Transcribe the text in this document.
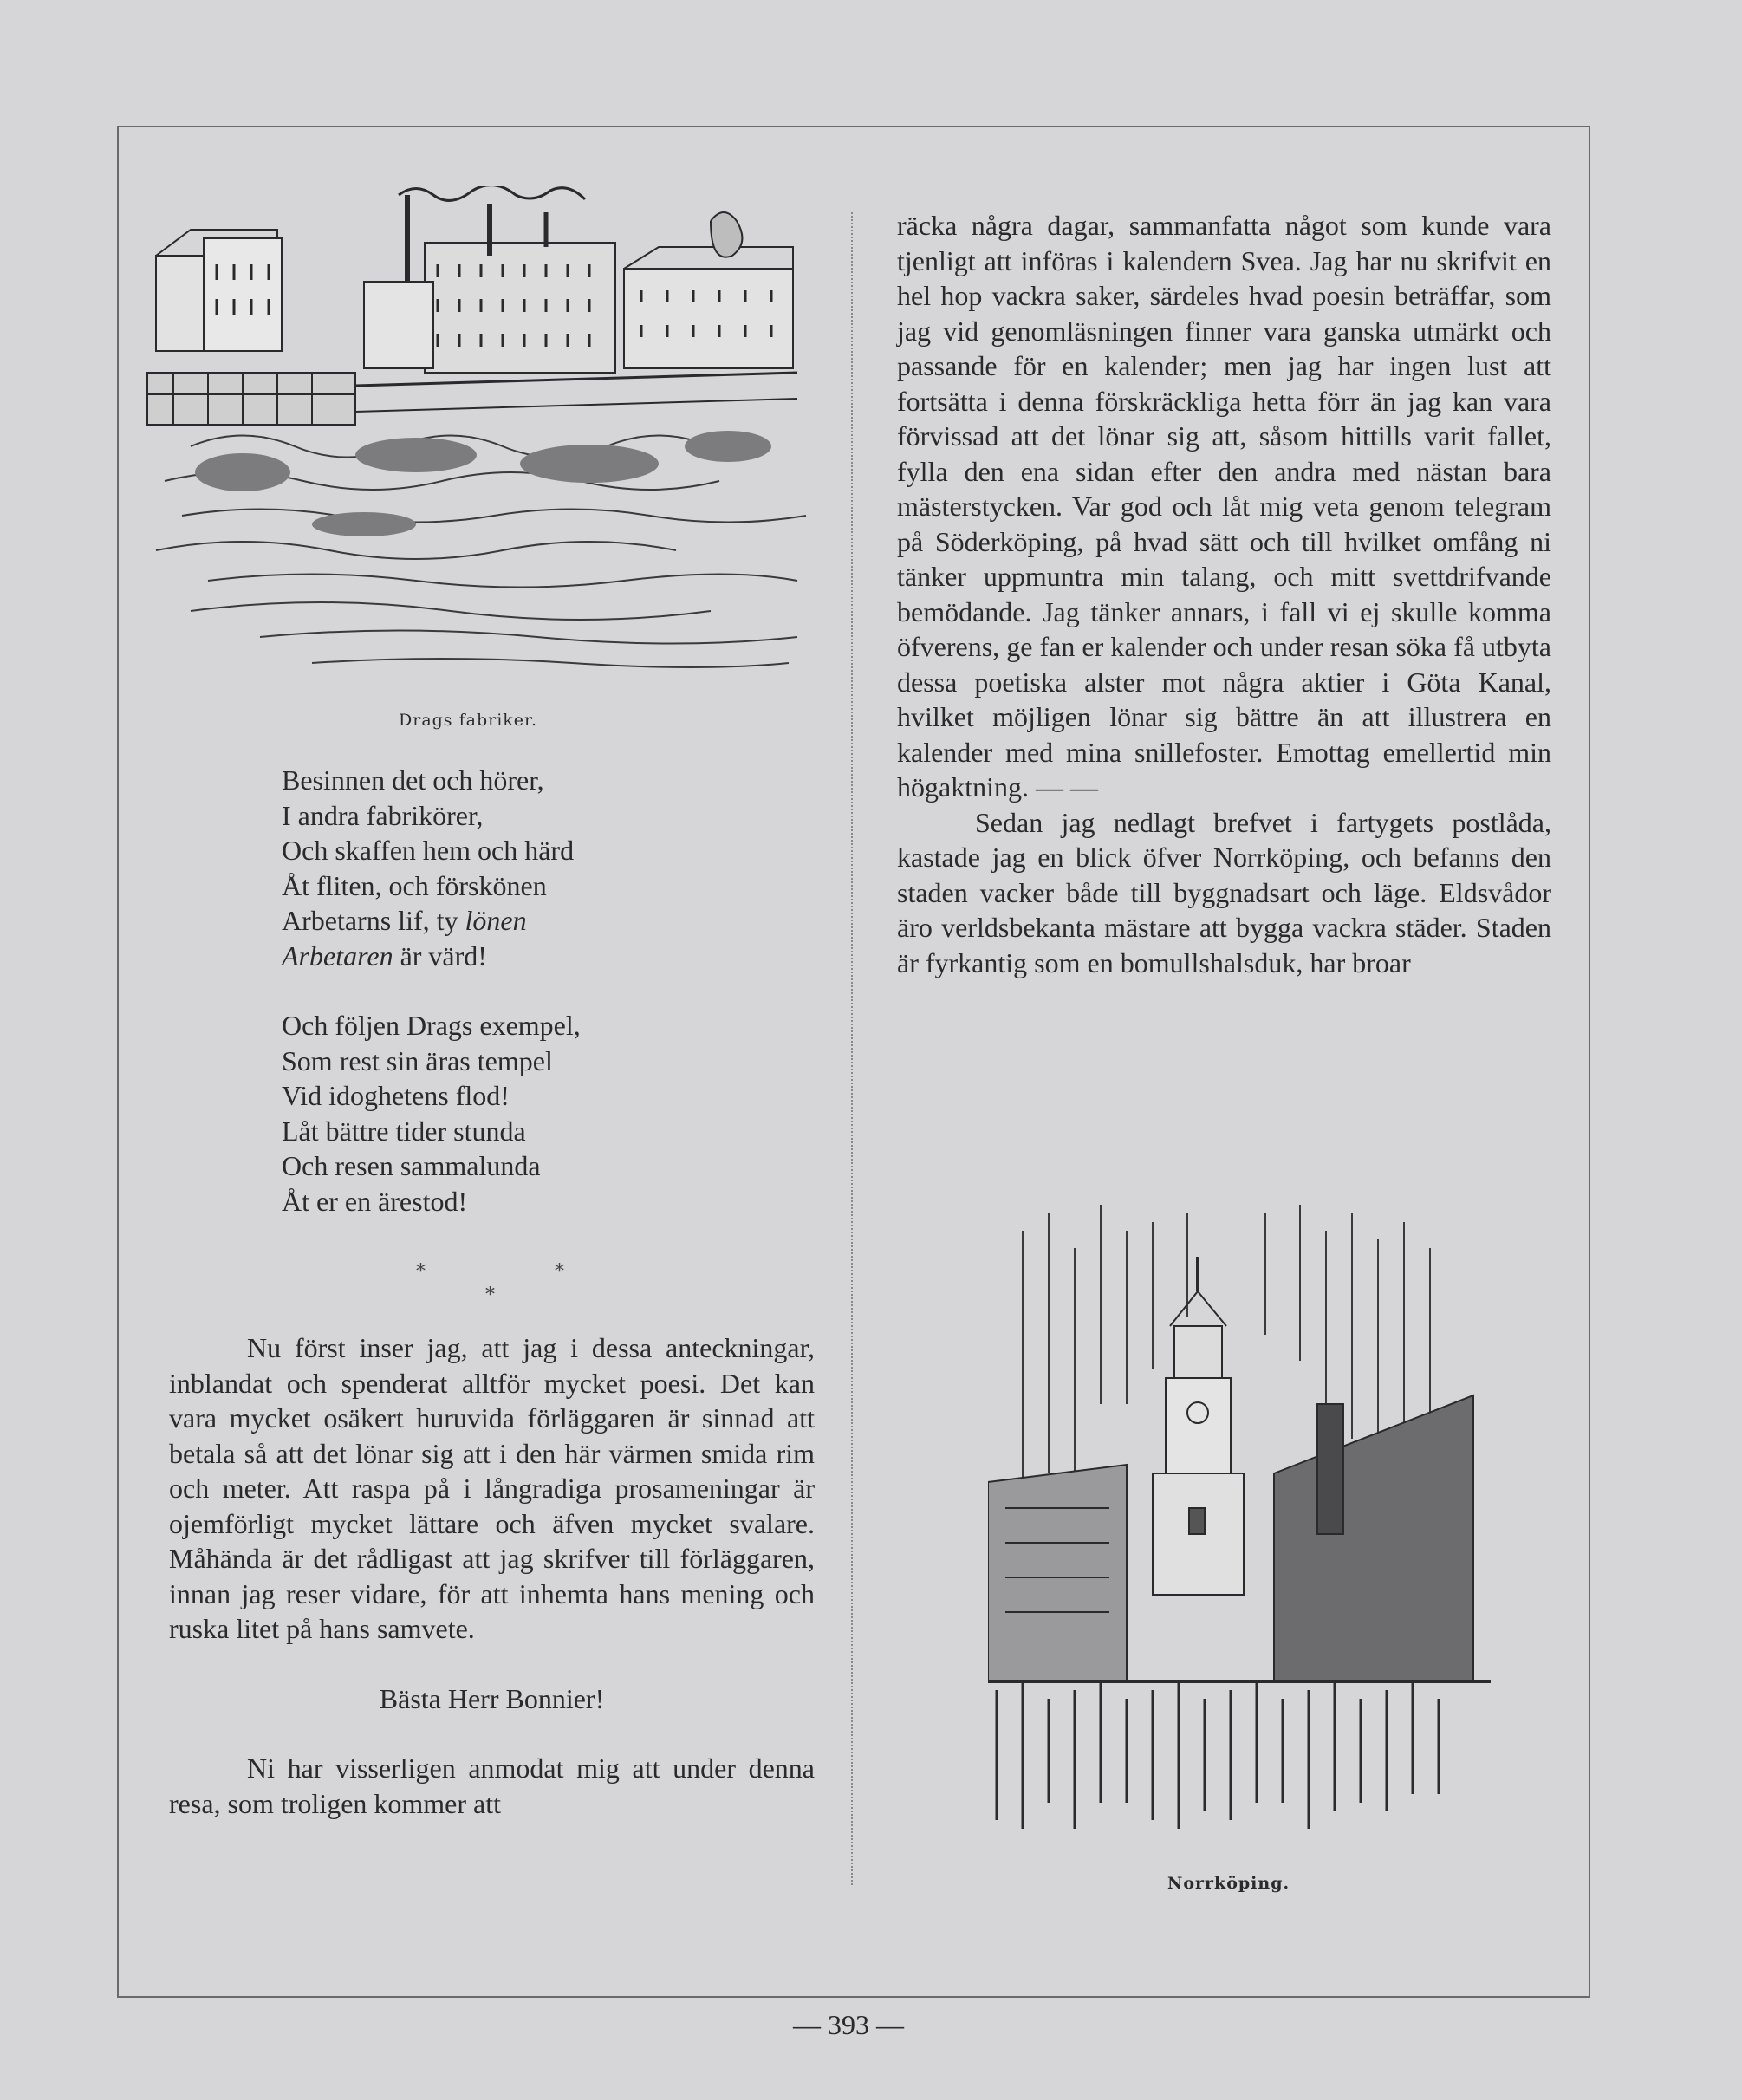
Drags fabriker.
Besinnen det och hörer,
I andra fabrikörer,
Och skaffen hem och härd
Åt fliten, och förskönen
Arbetarns lif, ty lönen
Arbetaren är värd!
Och följen Drags exempel,
Som rest sin äras tempel
Vid idoghetens flod!
Låt bättre tider stunda
Och resen sammalunda
Åt er en ärestod!
*	*
*

Nu först inser jag, att jag i dessa anteckningar, inblandat och spenderat alltför mycket poesi. Det kan vara mycket osäkert huruvida förläggaren är sinnad att betala så att det lönar sig att i den här värmen smida rim och meter. Att raspa på i långradiga prosameningar är ojemförligt mycket lättare och äfven mycket svalare. Måhända är det rådligast att jag skrifver till förläggaren, innan jag reser vidare, för att inhemta hans mening och ruska litet på hans samvete.

Bästa Herr Bonnier!

Ni har visserligen anmodat mig att under denna resa, som troligen kommer att

räcka några dagar, sammanfatta något som kunde vara tjenligt att införas i kalendern Svea. Jag har nu skrifvit en hel hop vackra saker, särdeles hvad poesin beträffar, som jag vid genomläsningen finner vara ganska utmärkt och passande för en kalender; men jag har ingen lust att fortsätta i denna förskräckliga hetta förr än jag kan vara förvissad att det lönar sig att, såsom hittills varit fallet, fylla den ena sidan efter den andra med nästan bara mästerstycken. Var god och låt mig veta genom telegram på Söderköping, på hvad sätt och till hvilket omfång ni tänker uppmuntra min talang, och mitt svettdrifvande bemödande. Jag tänker annars, i fall vi ej skulle komma öfverens, ge fan er kalender och under resan söka få utbyta dessa poetiska alster mot några aktier i Göta Kanal, hvilket möjligen lönar sig bättre än att illustrera en kalender med mina snillefoster. Emottag emellertid min högaktning. — —

Sedan jag nedlagt brefvet i fartygets postlåda, kastade jag en blick öfver Norrköping, och befanns den staden vacker både till byggnadsart och läge. Eldsvådor äro verldsbekanta mästare att bygga vackra städer. Staden är fyrkantig som en bomullshalsduk, har broar

Norrköping.
— 393 —
